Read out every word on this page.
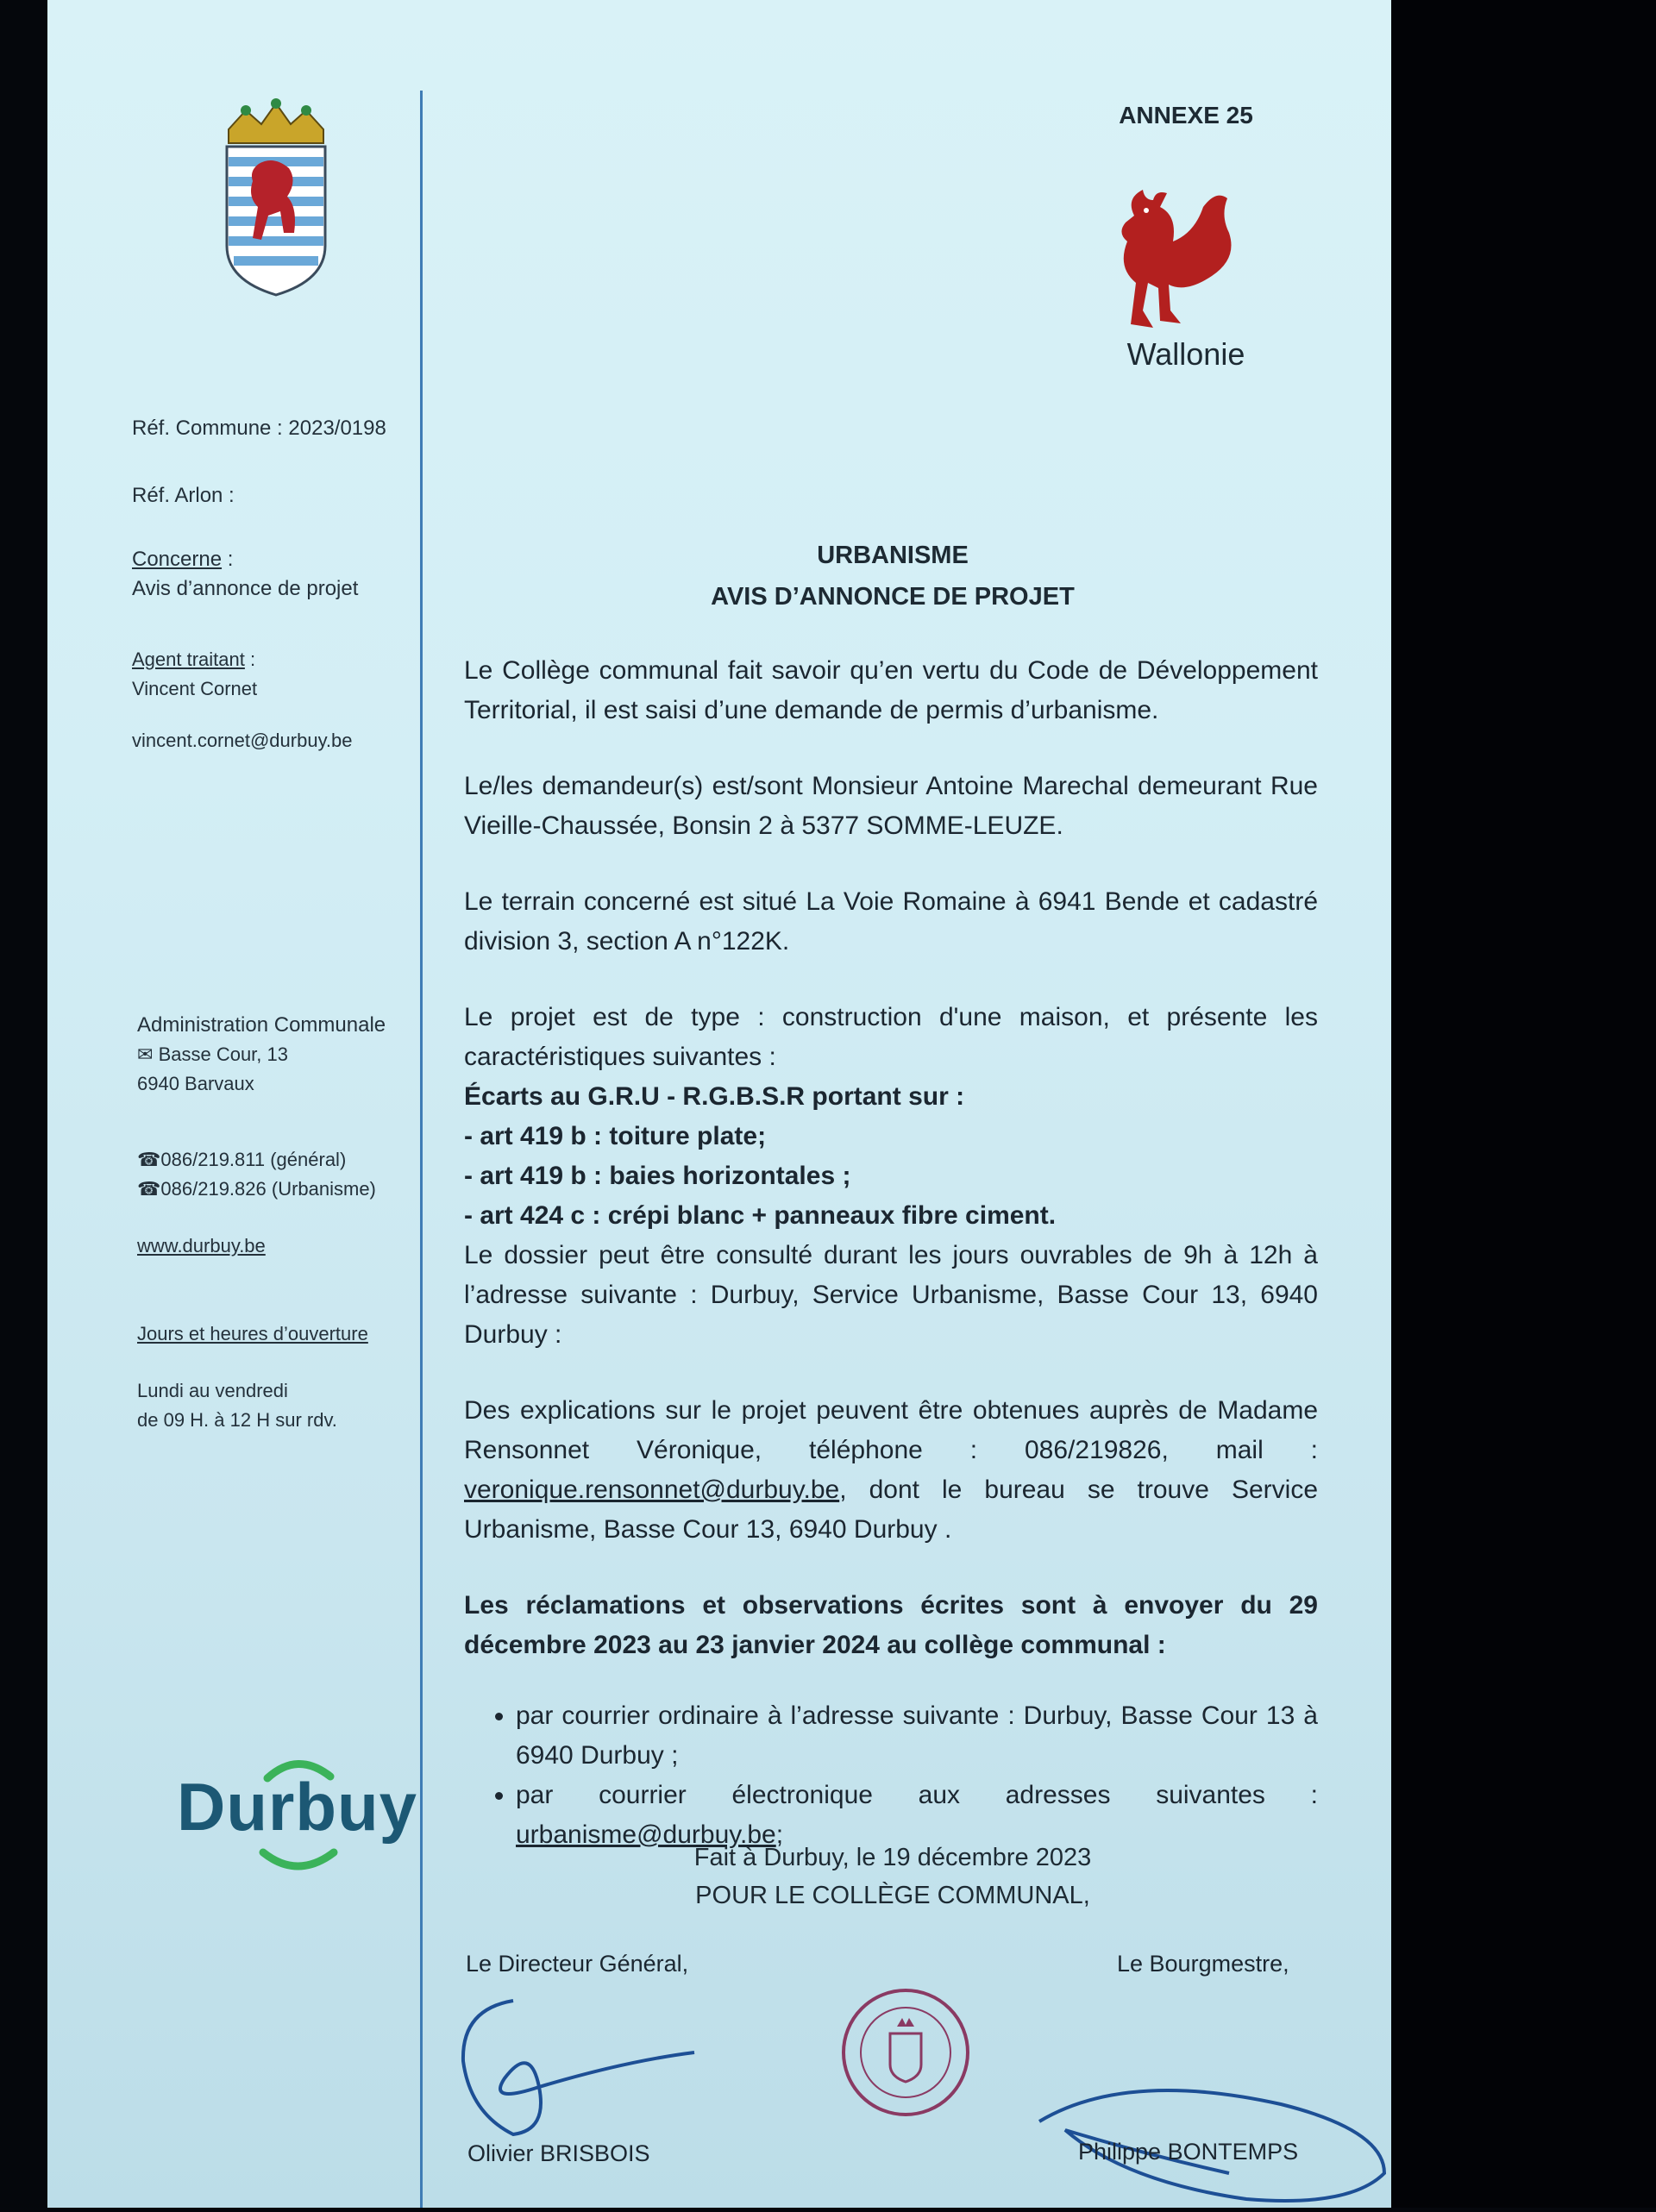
ANNEXE 25
Wallonie
Réf. Commune : 2023/0198
Réf. Arlon :
Concerne :
Avis d’annonce de projet
Agent traitant :
Vincent Cornet
vincent.cornet@durbuy.be
Administration Communale
✉ Basse Cour, 13
6940 Barvaux
☎086/219.811 (général)
☎086/219.826 (Urbanisme)
www.durbuy.be
Jours et heures d’ouverture
Lundi au vendredi
de 09 H. à 12 H sur rdv.
Durbuy
URBANISME
AVIS D’ANNONCE DE PROJET

Le Collège communal fait savoir qu’en vertu du Code de Développement Territorial, il est saisi d’une demande de permis d’urbanisme.

Le/les demandeur(s) est/sont Monsieur Antoine Marechal demeurant Rue Vieille-Chaussée, Bonsin 2 à 5377 SOMME-LEUZE.

Le terrain concerné est situé La Voie Romaine à 6941 Bende et cadastré division 3, section A n°122K.

Le projet est de type : construction d'une maison, et présente les caractéristiques suivantes :

Écarts au G.R.U - R.G.B.S.R portant sur :

- art 419 b : toiture plate;

- art 419 b : baies horizontales ;

- art 424 c : crépi blanc + panneaux fibre ciment.

Le dossier peut être consulté durant les jours ouvrables de 9h à 12h à l’adresse suivante : Durbuy, Service Urbanisme, Basse Cour 13, 6940 Durbuy :

Des explications sur le projet peuvent être obtenues auprès de Madame Rensonnet Véronique, téléphone : 086/219826, mail : veronique.rensonnet@durbuy.be, dont le bureau se trouve Service Urbanisme, Basse Cour 13, 6940 Durbuy .

Les réclamations et observations écrites sont à envoyer du 29 décembre 2023 au 23 janvier 2024 au collège communal :

• par courrier ordinaire à l’adresse suivante : Durbuy, Basse Cour 13 à 6940 Durbuy ;
• par courrier électronique aux adresses suivantes : urbanisme@durbuy.be;
Fait à Durbuy, le 19 décembre 2023
POUR LE COLLÈGE COMMUNAL,
Le Directeur Général,	Le Bourgmestre,
Olivier BRISBOIS	Philippe BONTEMPS
